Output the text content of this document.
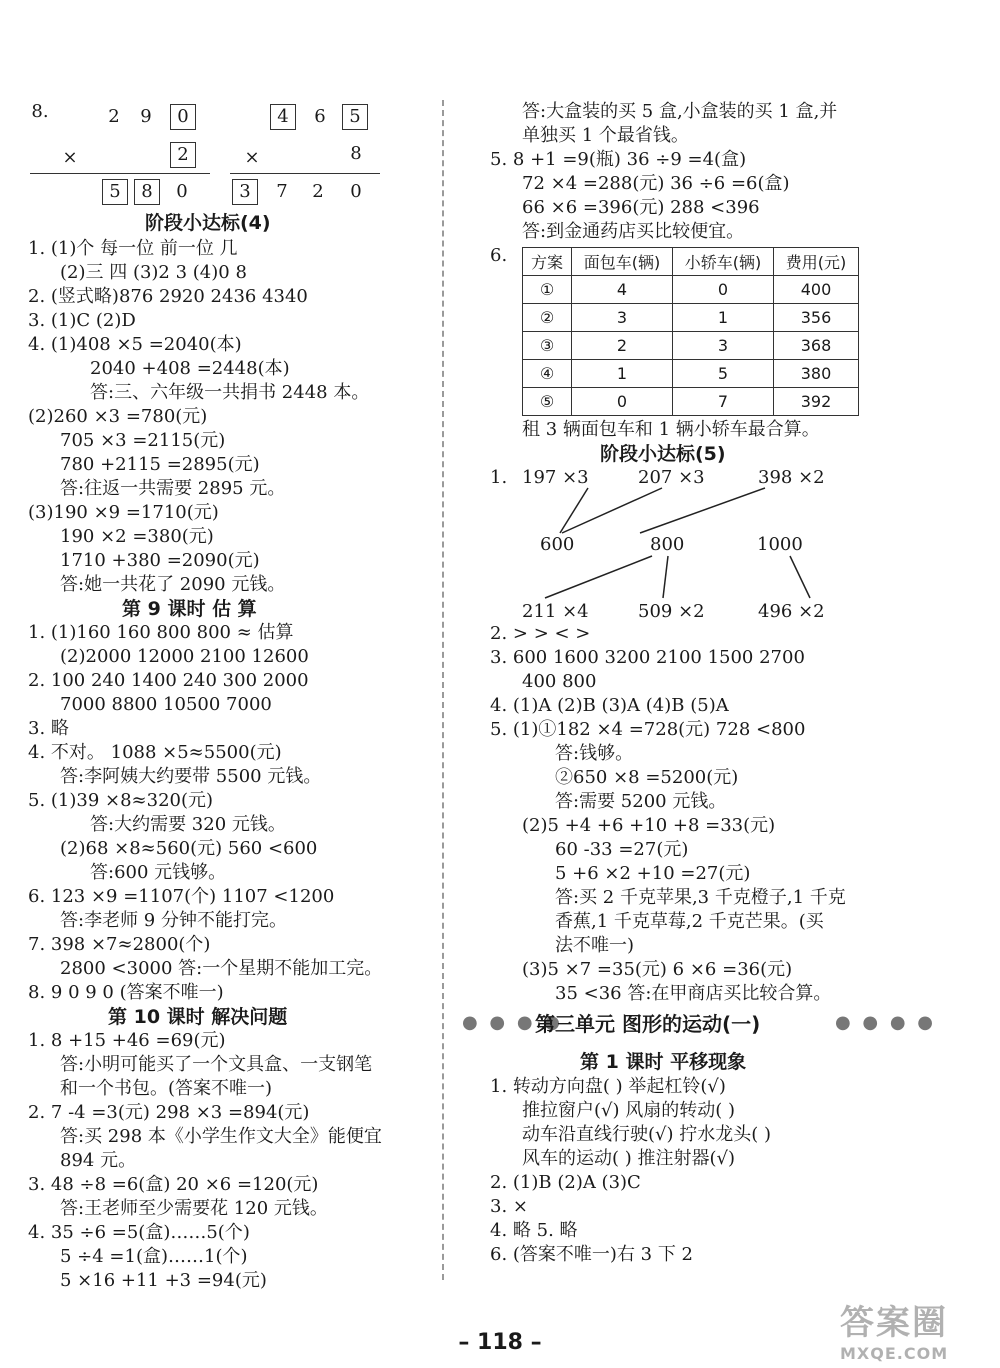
8.	2	9	0
×	2
5	8	0
4	6	5
×	8
3	7	2	0
阶段小达标(4)
1. (1)个 每一位 前一位 几
(2)三 四 (3)2 3 (4)0 8
2. (竖式略)876 2920 2436 4340
3. (1)C (2)D
4. (1)408 ×5 =2040(本)
2040 +408 =2448(本)
答:三、六年级一共捐书 2448 本。
(2)260 ×3 =780(元)
705 ×3 =2115(元)
780 +2115 =2895(元)
答:往返一共需要 2895 元。
(3)190 ×9 =1710(元)
190 ×2 =380(元)
1710 +380 =2090(元)
答:她一共花了 2090 元钱。
第 9 课时 估 算
1. (1)160 160 800 800 ≈ 估算
(2)2000 12000 2100 12600
2. 100 240 1400 240 300 2000
7000 8800 10500 7000
3. 略
4. 不对。 1088 ×5≈5500(元)
答:李阿姨大约要带 5500 元钱。
5. (1)39 ×8≈320(元)
答:大约需要 320 元钱。
(2)68 ×8≈560(元) 560 <600
答:600 元钱够。
6. 123 ×9 =1107(个) 1107 <1200
答:李老师 9 分钟不能打完。
7. 398 ×7≈2800(个)
2800 <3000 答:一个星期不能加工完。
8. 9 0 9 0 (答案不唯一)
第 10 课时 解决问题
1. 8 +15 +46 =69(元)
答:小明可能买了一个文具盒、一支钢笔
和一个书包。(答案不唯一)
2. 7 -4 =3(元) 298 ×3 =894(元)
答:买 298 本《小学生作文大全》能便宜
894 元。
3. 48 ÷8 =6(盒) 20 ×6 =120(元)
答:王老师至少需要花 120 元钱。
4. 35 ÷6 =5(盒)……5(个)
5 ÷4 =1(盒)……1(个)
5 ×16 +11 +3 =94(元)
答:大盒装的买 5 盒,小盒装的买 1 盒,并
单独买 1 个最省钱。
5. 8 +1 =9(瓶) 36 ÷9 =4(盒)
72 ×4 =288(元) 36 ÷6 =6(盒)
66 ×6 =396(元) 288 <396
答:到金通药店买比较便宜。
6. 方案	面包车(辆)	小轿车(辆)	费用(元)
①	4	0	400
②	3	1	356
③	2	3	368
④	1	5	380
⑤	0	7	392
租 3 辆面包车和 1 辆小轿车最合算。
阶段小达标(5)
1. 197 ×3	207 ×3	398 ×2
600	800	1000
211 ×4	509 ×2	496 ×2
2. > > < >
3. 600 1600 3200 2100 1500 2700
400 800
4. (1)A (2)B (3)A (4)B (5)A
5. (1)①182 ×4 =728(元) 728 <800
答:钱够。
②650 ×8 =5200(元)
答:需要 5200 元钱。
(2)5 +4 +6 +10 +8 =33(元)
60 -33 =27(元)
5 +6 ×2 +10 =27(元)
答:买 2 千克苹果,3 千克橙子,1 千克
香蕉,1 千克草莓,2 千克芒果。(买
法不唯一)
(3)5 ×7 =35(元) 6 ×6 =36(元)
35 <36 答:在甲商店买比较合算。
● ● ● ●
第三单元 图形的运动(一)	● ● ● ●
第 1 课时 平移现象
1. 转动方向盘( ) 举起杠铃(√)
推拉窗户(√) 风扇的转动( )
动车沿直线行驶(√) 拧水龙头( )
风车的运动( ) 推注射器(√)
2. (1)B (2)A (3)C
3. ×
4. 略 5. 略
6. (答案不唯一)右 3 下 2
– 118 –	答案圈
MXQE.COM
